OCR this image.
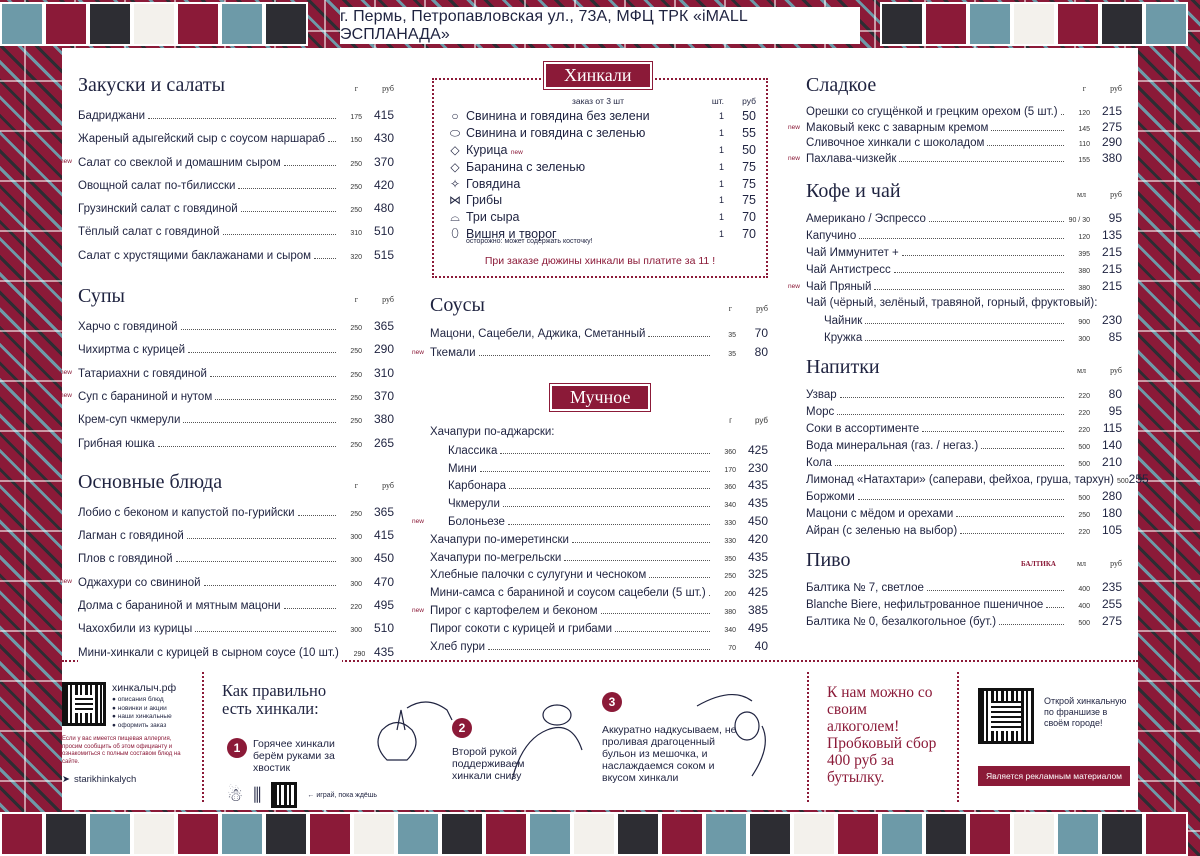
г. Пермь, Петропавловская ул., 73А, МФЦ ТРК «iMALL ЭСПЛАНАДА»
Закуски и салаты	г	руб
Бадриджани	175 415
Жареный адыгейский сыр с соусом наршараб	150 430
new Салат со свеклой и домашним сыром	250 370
Овощной салат по-тбилисски	250 420
Грузинский салат с говядиной	250 480
Тёплый салат с говядиной	310 510
Салат с хрустящими баклажанами и сыром	320 515
Супы	г	руб
Харчо с говядиной	250 365
Чихиртма с курицей	250 290
new Татариахни с говядиной	250 310
new Суп с бараниной и нутом	250 370
Крем-суп чкмерули	250 380
Грибная юшка	250 265
Основные блюда	г	руб
Лобио с беконом и капустой по-гурийски	250 365
Лагман с говядиной	300 415
Плов с говядиной	300 450
new Оджахури со свининой	300 470
Долма с бараниной и мятным мацони	220 495
Чахохбили из курицы	300 510
Мини-хинкали с курицей в сырном соусе (10 шт.)	290 435
Хинкали
заказ от 3 шт	шт.	руб
○ Свинина и говядина без зелени	1	50
⬭ Свинина и говядина с зеленью	1	55
◇ Курица new	1	50
◇ Баранина с зеленью	1	75
✧ Говядина	1	75
⋈ Грибы	1	75
⌓ Три сыра	1	70
⬯ Вишня и творог	1	70
осторожно: может содержать косточку!
При заказе дюжины хинкали вы платите за 11 !
Соусы	г	руб
Мацони, Сацебели, Аджика, Сметанный	35	70
new Ткемали	35	80
Мучное
г	руб
Хачапури по-аджарски:
Классика	360 425
Мини	170 230
Карбонара	360 435
Чкмерули	340 435
new	Болоньезе	330 450
Хачапури по-имеретински	330 420
Хачапури по-мегрельски	350 435
Хлебные палочки с сулугуни и чесноком	250 325
Мини-самса с бараниной и соусом сацебели (5 шт.)	200 425
new Пирог с картофелем и беконом	380 385
Пирог сокоти с курицей и грибами	340 495
Хлеб пури	70	40
Сладкое	г	руб
Орешки со сгущёнкой и грецким орехом (5 шт.)	120 215
new Маковый кекс с заварным кремом	145 275
Сливочное хинкали с шоколадом	110 290
new Пахлава-чизкейк	155 380
Кофе и чай	мл	руб
Американо / Эспрессо	90 / 30	95
Капучино	120 135
Чай Иммунитет +	395 215
Чай Антистресс	380 215
new Чай Пряный	380 215
Чай (чёрный, зелёный, травяной, горный, фруктовый):
Чайник	900 230
Кружка	300	85
Напитки	мл	руб
Узвар	220	80
Морс	220	95
Соки в ассортименте	220	115
Вода минеральная (газ. / негаз.)	500 140
Кола	500 210
Лимонад «Натахтари» (саперави, фейхоа, груша, тархун) 500 255
Боржоми	500 280
Мацони с мёдом и орехами	250 180
Айран (с зеленью на выбор)	220 105
Пиво	БАЛТИКА	мл	руб
Балтика № 7, светлое	400 235
Blanche Biere, нефильтрованное пшеничное	400 255
Балтика № 0, безалкогольное (бут.)	500 275
хинкалыч.рф
● описания блюд
● новинки и акции
● наши хинкальные
● оформить заказ
Если у вас имеется пищевая аллергия, просим сообщить об этом официанту и ознакомиться с полным составом блюд на сайте.
➤ starikhinkalych
Как правильно есть хинкали:
1	Горячее хинкали берём руками за хвостик
☃ ⫼	← играй, пока ждёшь
2
Второй рукой поддерживаем хинкали снизу
3
Аккуратно надкусываем, не проливая драгоценный бульон из мешочка, и наслаждаемся соком и вкусом хинкали
К нам можно со своим алкоголем! Пробковый сбор 400 руб за бутылку.
Открой хинкальную по франшизе в своём городе!
Является рекламным материалом
